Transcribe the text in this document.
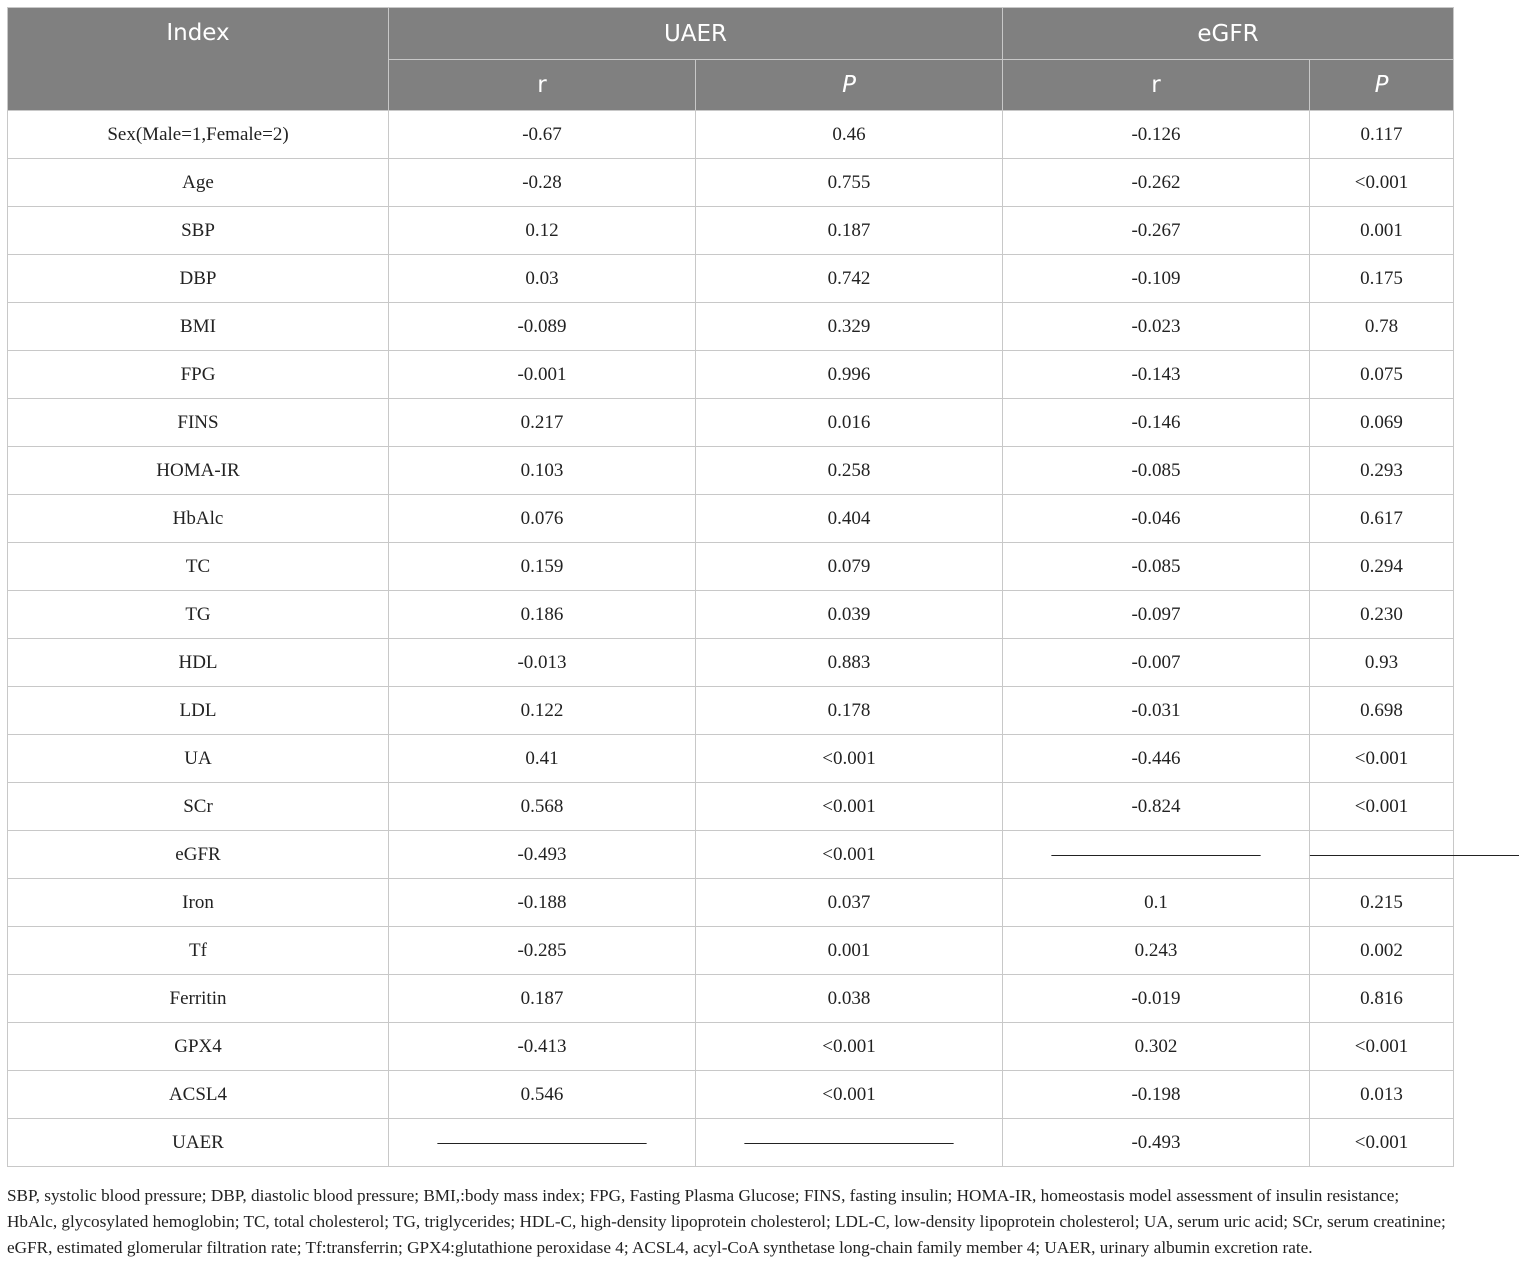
Index	UAER		eGFR	
	r	P	r	P
Sex(Male=1,Female=2)	-0.67	0.46	-0.126	0.117
Age	-0.28	0.755	-0.262	<0.001
SBP	0.12	0.187	-0.267	0.001
DBP	0.03	0.742	-0.109	0.175
BMI	-0.089	0.329	-0.023	0.78
FPG	-0.001	0.996	-0.143	0.075
FINS	0.217	0.016	-0.146	0.069
HOMA-IR	0.103	0.258	-0.085	0.293
HbAlc	0.076	0.404	-0.046	0.617
TC	0.159	0.079	-0.085	0.294
TG	0.186	0.039	-0.097	0.230
HDL	-0.013	0.883	-0.007	0.93
LDL	0.122	0.178	-0.031	0.698
UA	0.41	<0.001	-0.446	<0.001
SCr	0.568	<0.001	-0.824	<0.001
eGFR	-0.493	<0.001	———————————	———————————
Iron	-0.188	0.037	0.1	0.215
Tf	-0.285	0.001	0.243	0.002
Ferritin	0.187	0.038	-0.019	0.816
GPX4	-0.413	<0.001	0.302	<0.001
ACSL4	0.546	<0.001	-0.198	0.013
UAER	———————————	———————————	-0.493	<0.001
SBP, systolic blood pressure; DBP, diastolic blood pressure; BMI,:body mass index; FPG, Fasting Plasma Glucose; FINS, fasting insulin; HOMA-IR, homeostasis model assessment of insulin resistance; HbAlc, glycosylated hemoglobin; TC, total cholesterol; TG, triglycerides; HDL-C, high-density lipoprotein cholesterol; LDL-C, low-density lipoprotein cholesterol; UA, serum uric acid; SCr, serum creatinine; eGFR, estimated glomerular filtration rate; Tf:transferrin; GPX4:glutathione peroxidase 4; ACSL4, acyl-CoA synthetase long-chain family member 4; UAER, urinary albumin excretion rate.
